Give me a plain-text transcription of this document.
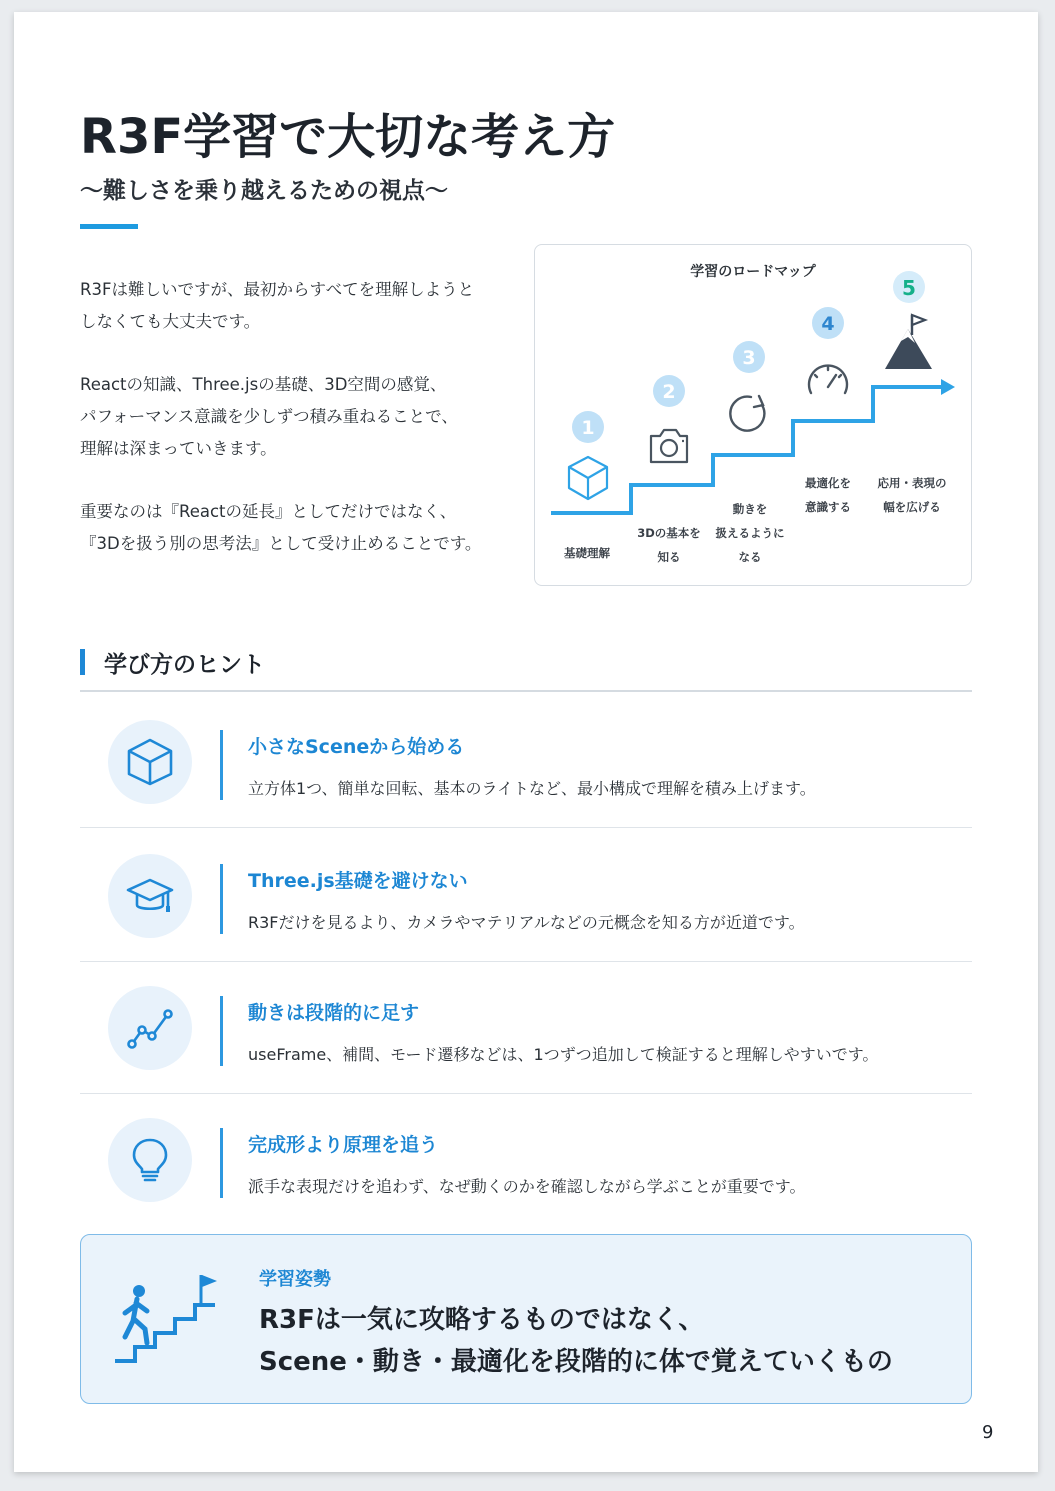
R3F学習で大切な考え方
〜難しさを乗り越えるための視点〜

R3Fは難しいですが、最初からすべてを理解しようと
しなくても大丈夫です。

Reactの知識、Three.jsの基礎、3D空間の感覚、
パフォーマンス意識を少しずつ積み重ねることで、
理解は深まっていきます。

重要なのは『Reactの延長』としてだけではなく、
『3Dを扱う別の思考法』として受け止めることです。

学習のロードマップ
1
2
3
4
5
基礎理解
3Dの基本を
知る
動きを
扱えるように
なる
最適化を
意識する
応用・表現の
幅を広げる
学び方のヒント
小さなSceneから始める
立方体1つ、簡単な回転、基本のライトなど、最小構成で理解を積み上げます。
Three.js基礎を避けない
R3Fだけを見るより、カメラやマテリアルなどの元概念を知る方が近道です。
動きは段階的に足す
useFrame、補間、モード遷移などは、1つずつ追加して検証すると理解しやすいです。
完成形より原理を追う
派手な表現だけを追わず、なぜ動くのかを確認しながら学ぶことが重要です。
学習姿勢
R3Fは一気に攻略するものではなく、
Scene・動き・最適化を段階的に体で覚えていくもの
9
